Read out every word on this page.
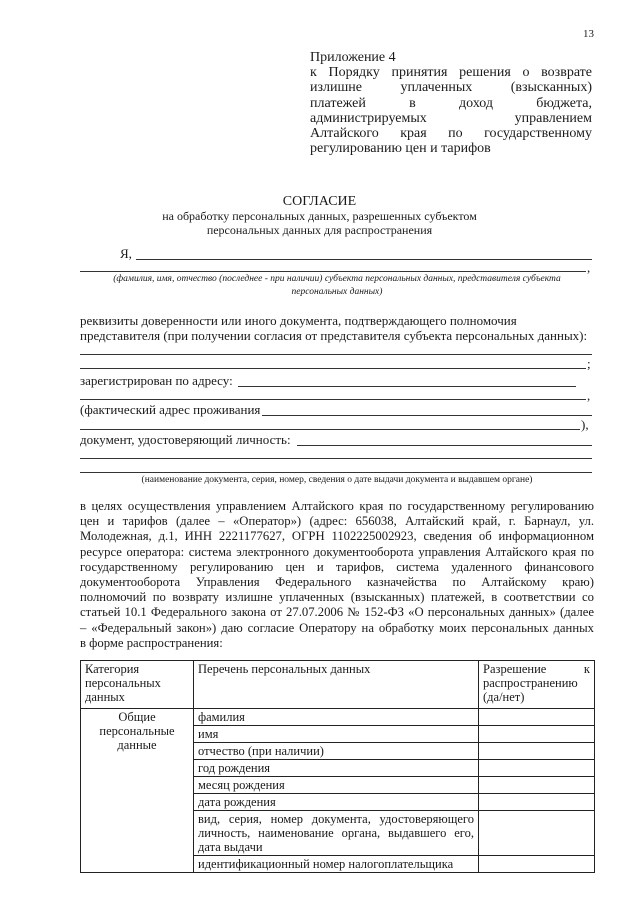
13
Приложение 4
к Порядку принятия решения о возврате
излишне уплаченных (взысканных)
платежей в доход бюджета,
администрируемых управлением
Алтайского края по государственному
регулированию цен и тарифов
СОГЛАСИЕ
на обработку персональных данных, разрешенных субъектом
персональных данных для распространения
Я,
,
(фамилия, имя, отчество (последнее - при наличии) субъекта персональных данных, представителя субъекта
персональных данных)
реквизиты доверенности или иного документа, подтверждающего полномочия
представителя (при получении согласия от представителя субъекта персональных данных):
;
зарегистрирован по адресу:
,
(фактический адрес проживания
),
документ, удостоверяющий личность:
(наименование документа, серия, номер, сведения о дате выдачи документа и выдавшем органе)
в целях осуществления управлением Алтайского края по государственному регулированию
цен и тарифов (далее – «Оператор») (адрес: 656038, Алтайский край, г. Барнаул, ул.
Молодежная, д.1, ИНН 2221177627, ОГРН 1102225002923, сведения об информационном
ресурсе оператора: система электронного документооборота управления Алтайского края по
государственному регулированию цен и тарифов, система удаленного финансового
документооборота Управления Федерального казначейства по Алтайскому краю)
полномочий по возврату излишне уплаченных (взысканных) платежей, в соответствии со
статьей 10.1 Федерального закона от 27.07.2006 № 152-ФЗ «О персональных данных» (далее
– «Федеральный закон») даю согласие Оператору на обработку моих персональных данных
в форме распространения:
Категория персональных данных	Перечень персональных данных	Разрешение к распространению (да/нет)
Общие персональные данные	фамилия	
	имя	
	отчество (при наличии)	
	год рождения	
	месяц рождения	
	дата рождения	
	вид, серия, номер документа, удостоверяющего личность, наименование органа, выдавшего его, дата выдачи	
	идентификационный номер налогоплательщика	
